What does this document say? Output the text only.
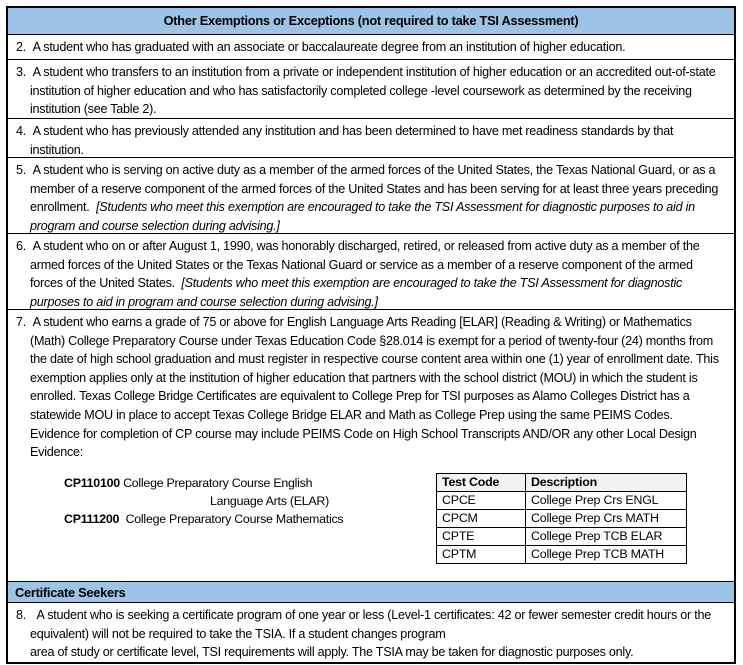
Other Exemptions or Exceptions (not required to take TSI Assessment)
2. A student who has graduated with an associate or baccalaureate degree from an institution of higher education.
3. A student who transfers to an institution from a private or independent institution of higher education or an accredited out-of-state institution of higher education and who has satisfactorily completed college -level coursework as determined by the receiving institution (see Table 2).
4. A student who has previously attended any institution and has been determined to have met readiness standards by that institution.
5. A student who is serving on active duty as a member of the armed forces of the United States, the Texas National Guard, or as a member of a reserve component of the armed forces of the United States and has been serving for at least three years preceding enrollment. [Students who meet this exemption are encouraged to take the TSI Assessment for diagnostic purposes to aid in program and course selection during advising.]
6. A student who on or after August 1, 1990, was honorably discharged, retired, or released from active duty as a member of the armed forces of the United States or the Texas National Guard or service as a member of a reserve component of the armed forces of the United States. [Students who meet this exemption are encouraged to take the TSI Assessment for diagnostic purposes to aid in program and course selection during advising.]
7. A student who earns a grade of 75 or above for English Language Arts Reading [ELAR] (Reading & Writing) or Mathematics (Math) College Preparatory Course under Texas Education Code §28.014 is exempt for a period of twenty-four (24) months from the date of high school graduation and must register in respective course content area within one (1) year of enrollment date. This exemption applies only at the institution of higher education that partners with the school district (MOU) in which the student is enrolled. Texas College Bridge Certificates are equivalent to College Prep for TSI purposes as Alamo Colleges District has a statewide MOU in place to accept Texas College Bridge ELAR and Math as College Prep using the same PEIMS Codes.
Evidence for completion of CP course may include PEIMS Code on High School Transcripts AND/OR any other Local Design Evidence:
CP110100 College Preparatory Course English
Language Arts (ELAR)
CP111200 College Preparatory Course Mathematics
Test Code	Description
CPCE	College Prep Crs ENGL
CPCM	College Prep Crs MATH
CPTE	College Prep TCB ELAR
CPTM	College Prep TCB MATH
Certificate Seekers
8. A student who is seeking a certificate program of one year or less (Level-1 certificates: 42 or fewer semester credit hours or the equivalent) will not be required to take the TSIA. If a student changes program
area of study or certificate level, TSI requirements will apply. The TSIA may be taken for diagnostic purposes only.
